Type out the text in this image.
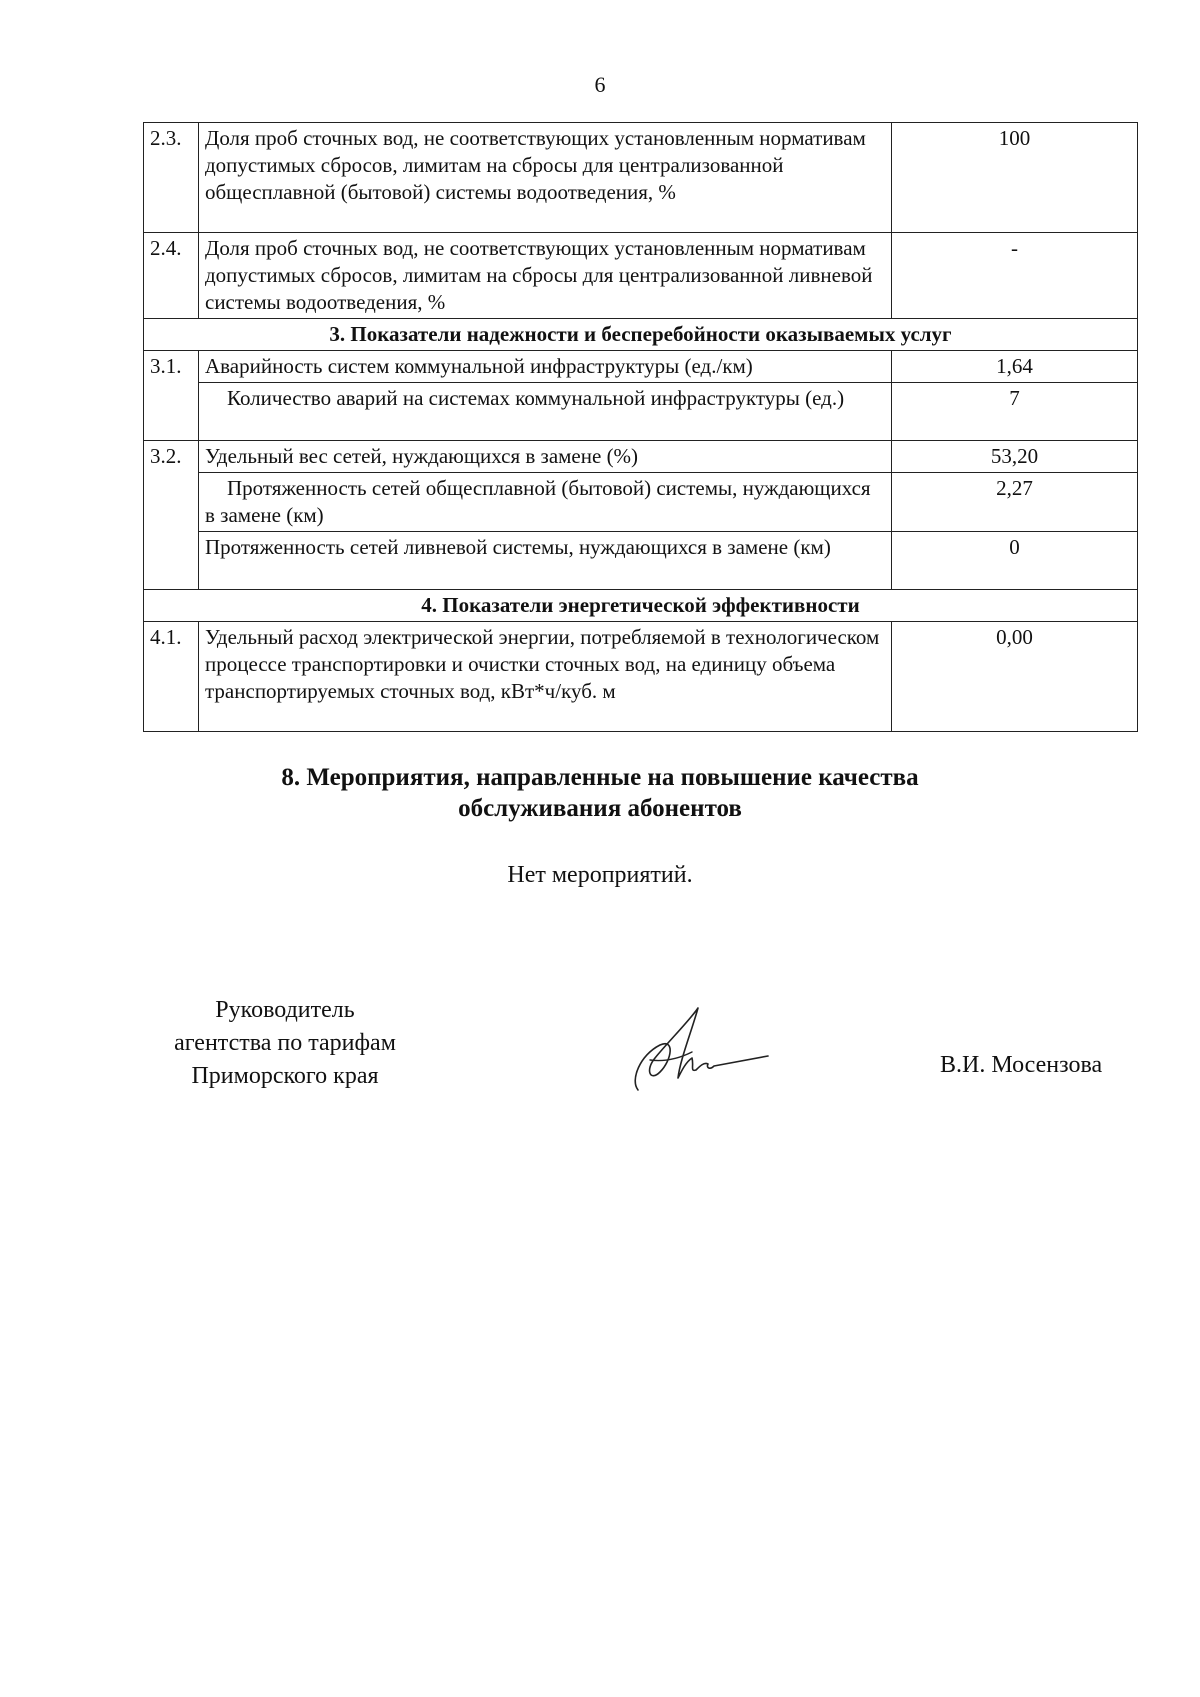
6
2.3.	Доля проб сточных вод, не соответствующих установленным нормативам допустимых сбросов, лимитам на сбросы для централизованной общесплавной (бытовой) системы водоотведения, %	100
2.4.	Доля проб сточных вод, не соответствующих установленным нормативам допустимых сбросов, лимитам на сбросы для централизованной ливневой системы водоотведения, %	-
3. Показатели надежности и бесперебойности оказываемых услуг		
3.1.	Аварийность систем коммунальной инфраструктуры (ед./км)	1,64
	Количество аварий на системах коммунальной инфраструктуры (ед.)	7
3.2.	Удельный вес сетей, нуждающихся в замене (%)	53,20
	Протяженность сетей общесплавной (бытовой) системы, нуждающихся в замене (км)	2,27
	Протяженность сетей ливневой системы, нуждающихся в замене (км)	0
4. Показатели энергетической эффективности		
4.1.	Удельный расход электрической энергии, потребляемой в технологическом процессе транспортировки и очистки сточных вод, на единицу объема транспортируемых сточных вод, кВт*ч/куб. м	0,00
8. Мероприятия, направленные на повышение качества
обслуживания абонентов
Нет мероприятий.
Руководитель
агентства по тарифам
Приморского края	В.И. Мосензова
